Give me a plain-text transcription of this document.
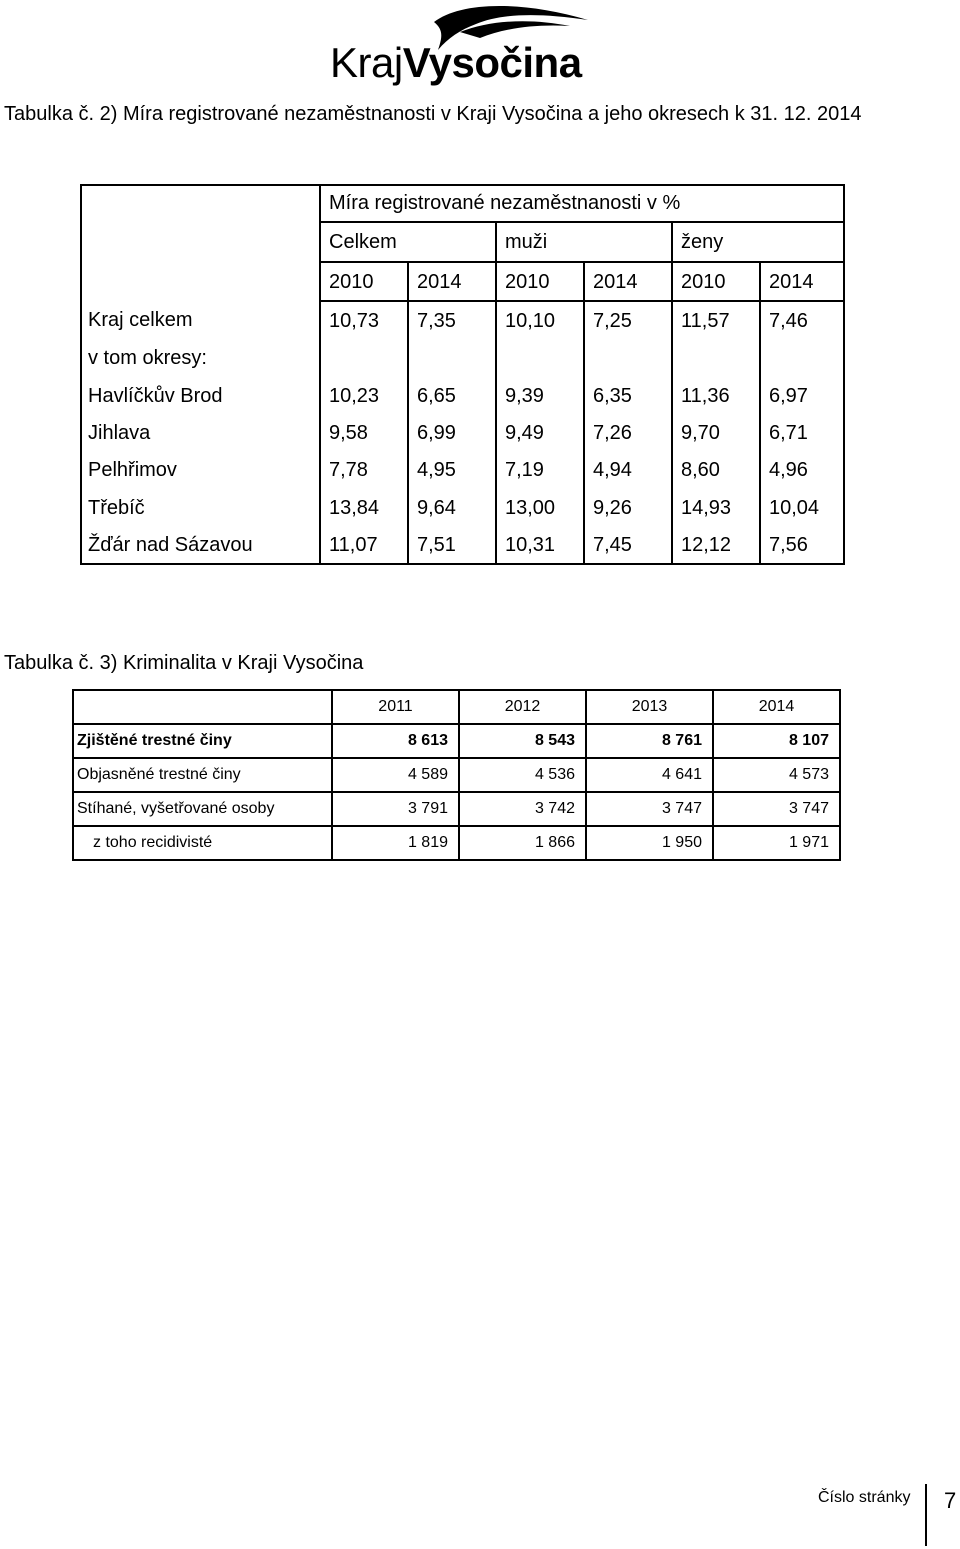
KrajVysočina
Tabulka č. 2) Míra registrované nezaměstnanosti v Kraji Vysočina a jeho okresech k 31. 12. 2014
	Míra registrované nezaměstnanosti v %					
	Celkem		muži		ženy	
	2010	2014	2010	2014	2010	2014
Kraj celkem	10,73	7,35	10,10	7,25	11,57	7,46
v tom okresy:						
Havlíčkův Brod	10,23	6,65	9,39	6,35	11,36	6,97
Jihlava	9,58	6,99	9,49	7,26	9,70	6,71
Pelhřimov	7,78	4,95	7,19	4,94	8,60	4,96
Třebíč	13,84	9,64	13,00	9,26	14,93	10,04
Žďár nad Sázavou	11,07	7,51	10,31	7,45	12,12	7,56
Tabulka č. 3) Kriminalita v Kraji Vysočina
	2011	2012	2013	2014
Zjištěné trestné činy	8 613	8 543	8 761	8 107
Objasněné trestné činy	4 589	4 536	4 641	4 573
Stíhané, vyšetřované osoby	3 791	3 742	3 747	3 747
z toho recidivisté	1 819	1 866	1 950	1 971
Číslo stránky 7
